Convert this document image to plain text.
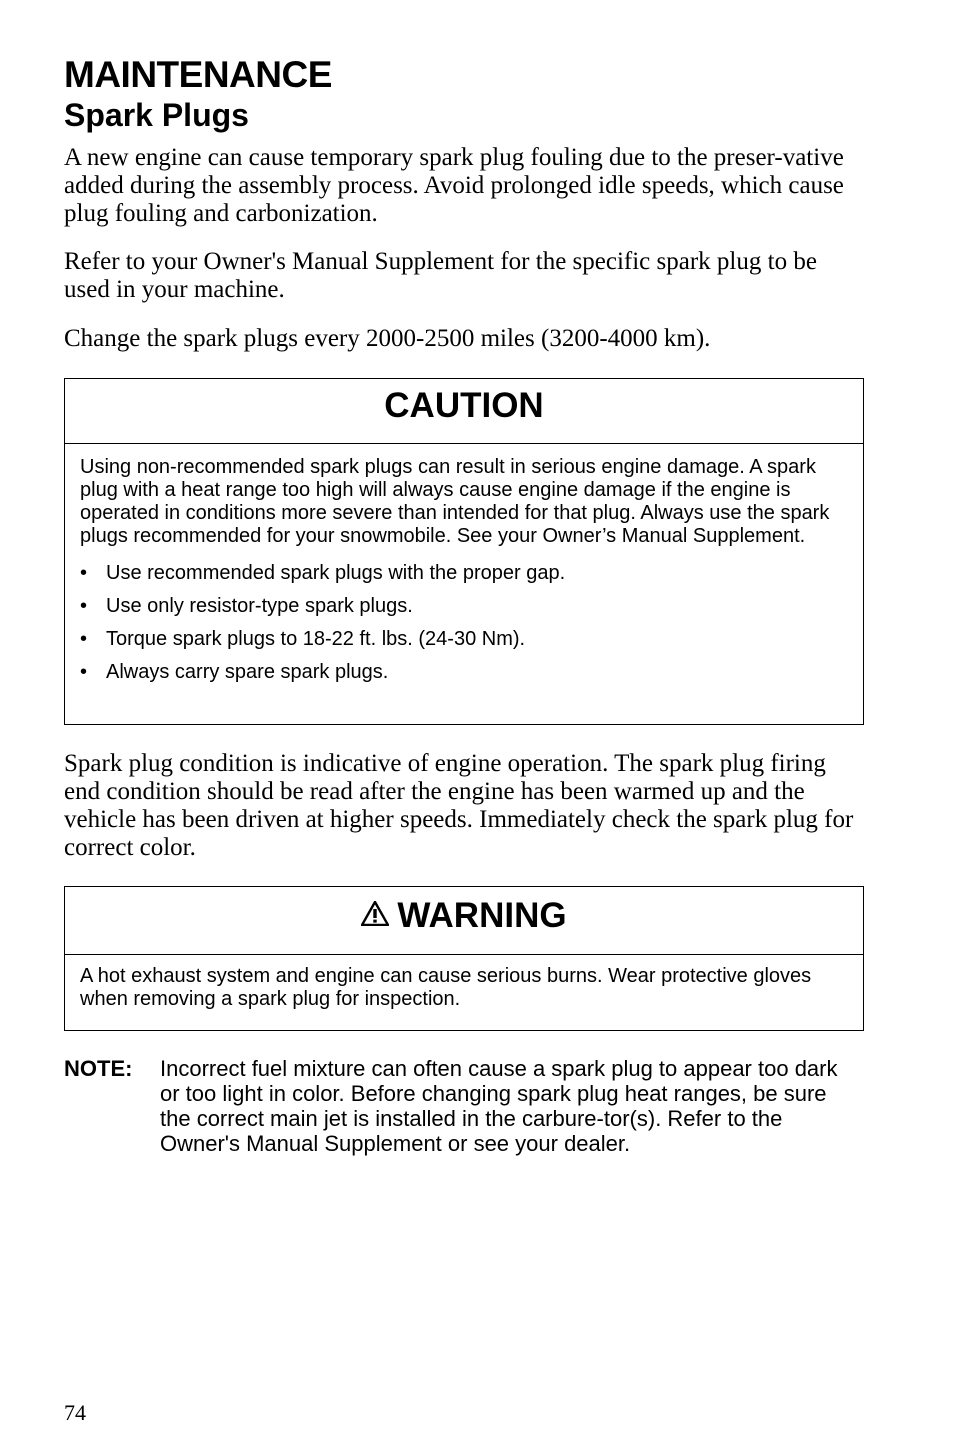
MAINTENANCE
Spark Plugs

A new engine can cause temporary spark plug fouling due to the preser-vative added during the assembly process. Avoid prolonged idle speeds, which cause plug fouling and carbonization.

Refer to your Owner's Manual Supplement for the specific spark plug to be used in your machine.

Change the spark plugs every 2000-2500 miles (3200-4000 km).

CAUTION

Using non-recommended spark plugs can result in serious engine damage. A spark plug with a heat range too high will always cause engine damage if the engine is operated in conditions more severe than intended for that plug. Always use the spark plugs recommended for your snowmobile. See your Owner’s Manual Supplement.

• Use recommended spark plugs with the proper gap.
• Use only resistor-type spark plugs.
• Torque spark plugs to 18-22 ft. lbs. (24-30 Nm).
• Always carry spare spark plugs.

Spark plug condition is indicative of engine operation. The spark plug firing end condition should be read after the engine has been warmed up and the vehicle has been driven at higher speeds. Immediately check the spark plug for correct color.

WARNING

A hot exhaust system and engine can cause serious burns. Wear protective gloves when removing a spark plug for inspection.

NOTE: Incorrect fuel mixture can often cause a spark plug to appear too dark or too light in color. Before changing spark plug heat ranges, be sure the correct main jet is installed in the carbure-tor(s). Refer to the Owner's Manual Supplement or see your dealer.
74
